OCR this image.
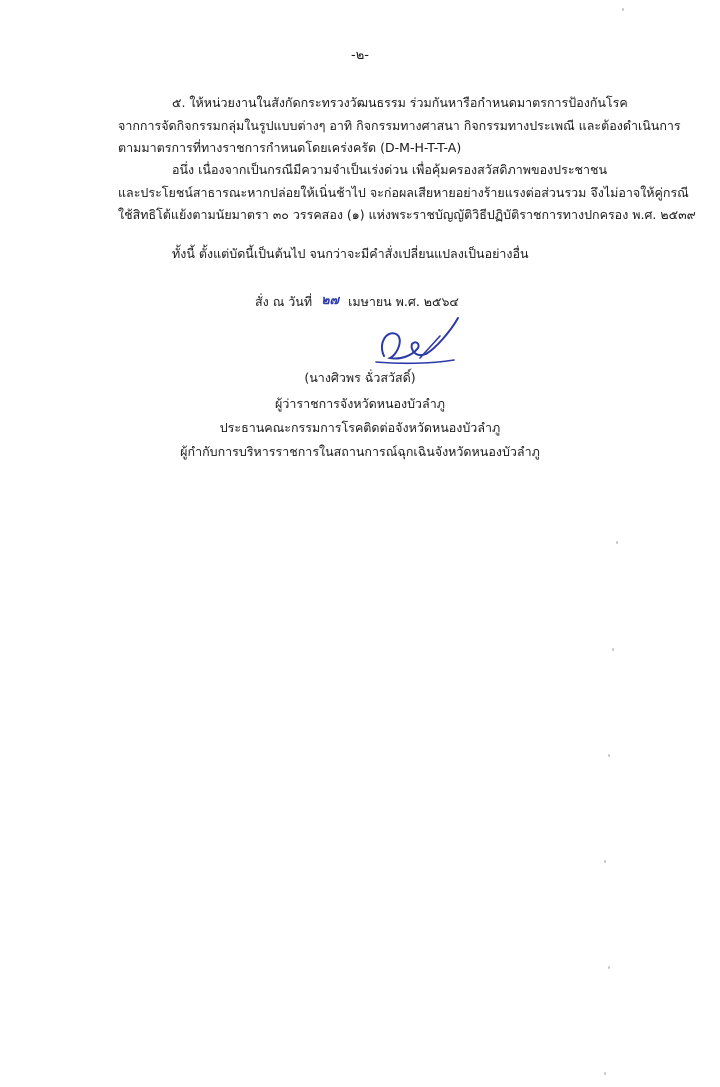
-๒-
๕. ให้หน่วยงานในสังกัดกระทรวงวัฒนธรรม ร่วมกันหารือกำหนดมาตรการป้องกันโรค
จากการจัดกิจกรรมกลุ่มในรูปแบบต่างๆ อาทิ กิจกรรมทางศาสนา กิจกรรมทางประเพณี และต้องดำเนินการ
ตามมาตรการที่ทางราชการกำหนดโดยเคร่งครัด (D-M-H-T-T-A)
อนึ่ง เนื่องจากเป็นกรณีมีความจำเป็นเร่งด่วน เพื่อคุ้มครองสวัสดิภาพของประชาชน
และประโยชน์สาธารณะหากปล่อยให้เนิ่นช้าไป จะก่อผลเสียหายอย่างร้ายแรงต่อส่วนรวม จึงไม่อาจให้คู่กรณี
ใช้สิทธิโต้แย้งตามนัยมาตรา ๓๐ วรรคสอง (๑) แห่งพระราชบัญญัติวิธีปฏิบัติราชการทางปกครอง พ.ศ. ๒๕๓๙
ทั้งนี้ ตั้งแต่บัดนี้เป็นต้นไป จนกว่าจะมีคำสั่งเปลี่ยนแปลงเป็นอย่างอื่น
สั่ง ณ วันที่ ๒๗ เมษายน พ.ศ. ๒๕๖๔
(นางศิวพร ฉั่วสวัสดิ์)
ผู้ว่าราชการจังหวัดหนองบัวลำภู
ประธานคณะกรรมการโรคติดต่อจังหวัดหนองบัวลำภู
ผู้กำกับการบริหารราชการในสถานการณ์ฉุกเฉินจังหวัดหนองบัวลำภู
